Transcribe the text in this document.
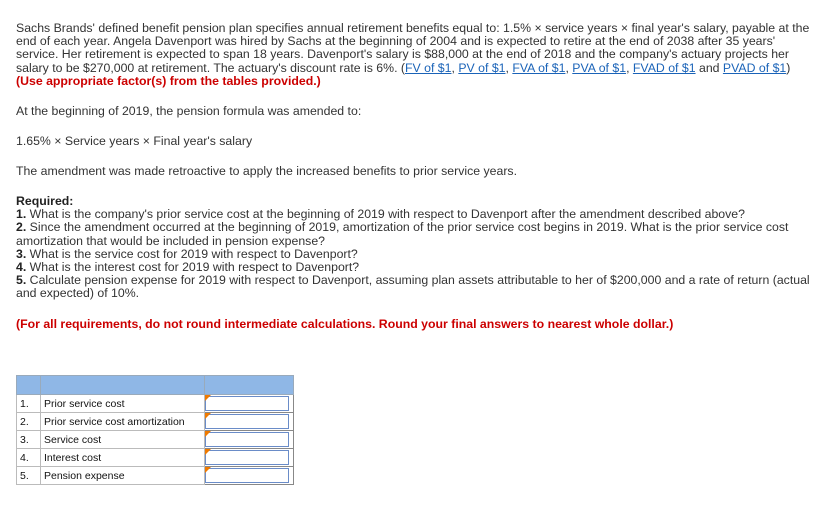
Sachs Brands' defined benefit pension plan specifies annual retirement benefits equal to: 1.5% × service years × final year's salary, payable at the end of each year. Angela Davenport was hired by Sachs at the beginning of 2004 and is expected to retire at the end of 2038 after 35 years' service. Her retirement is expected to span 18 years. Davenport's salary is $88,000 at the end of 2018 and the company's actuary projects her salary to be $270,000 at retirement. The actuary's discount rate is 6%. (FV of $1, PV of $1, FVA of $1, PVA of $1, FVAD of $1 and PVAD of $1) (Use appropriate factor(s) from the tables provided.)

At the beginning of 2019, the pension formula was amended to:

1.65% × Service years × Final year's salary

The amendment was made retroactive to apply the increased benefits to prior service years.

Required:

1. What is the company's prior service cost at the beginning of 2019 with respect to Davenport after the amendment described above?

2. Since the amendment occurred at the beginning of 2019, amortization of the prior service cost begins in 2019. What is the prior service cost amortization that would be included in pension expense?

3. What is the service cost for 2019 with respect to Davenport?

4. What is the interest cost for 2019 with respect to Davenport?

5. Calculate pension expense for 2019 with respect to Davenport, assuming plan assets attributable to her of $200,000 and a rate of return (actual and expected) of 10%.

(For all requirements, do not round intermediate calculations. Round your final answers to nearest whole dollar.)

1.	Prior service cost	

2.	Prior service cost amortization	

3.	Service cost	

4.	Interest cost	

5.	Pension expense	
